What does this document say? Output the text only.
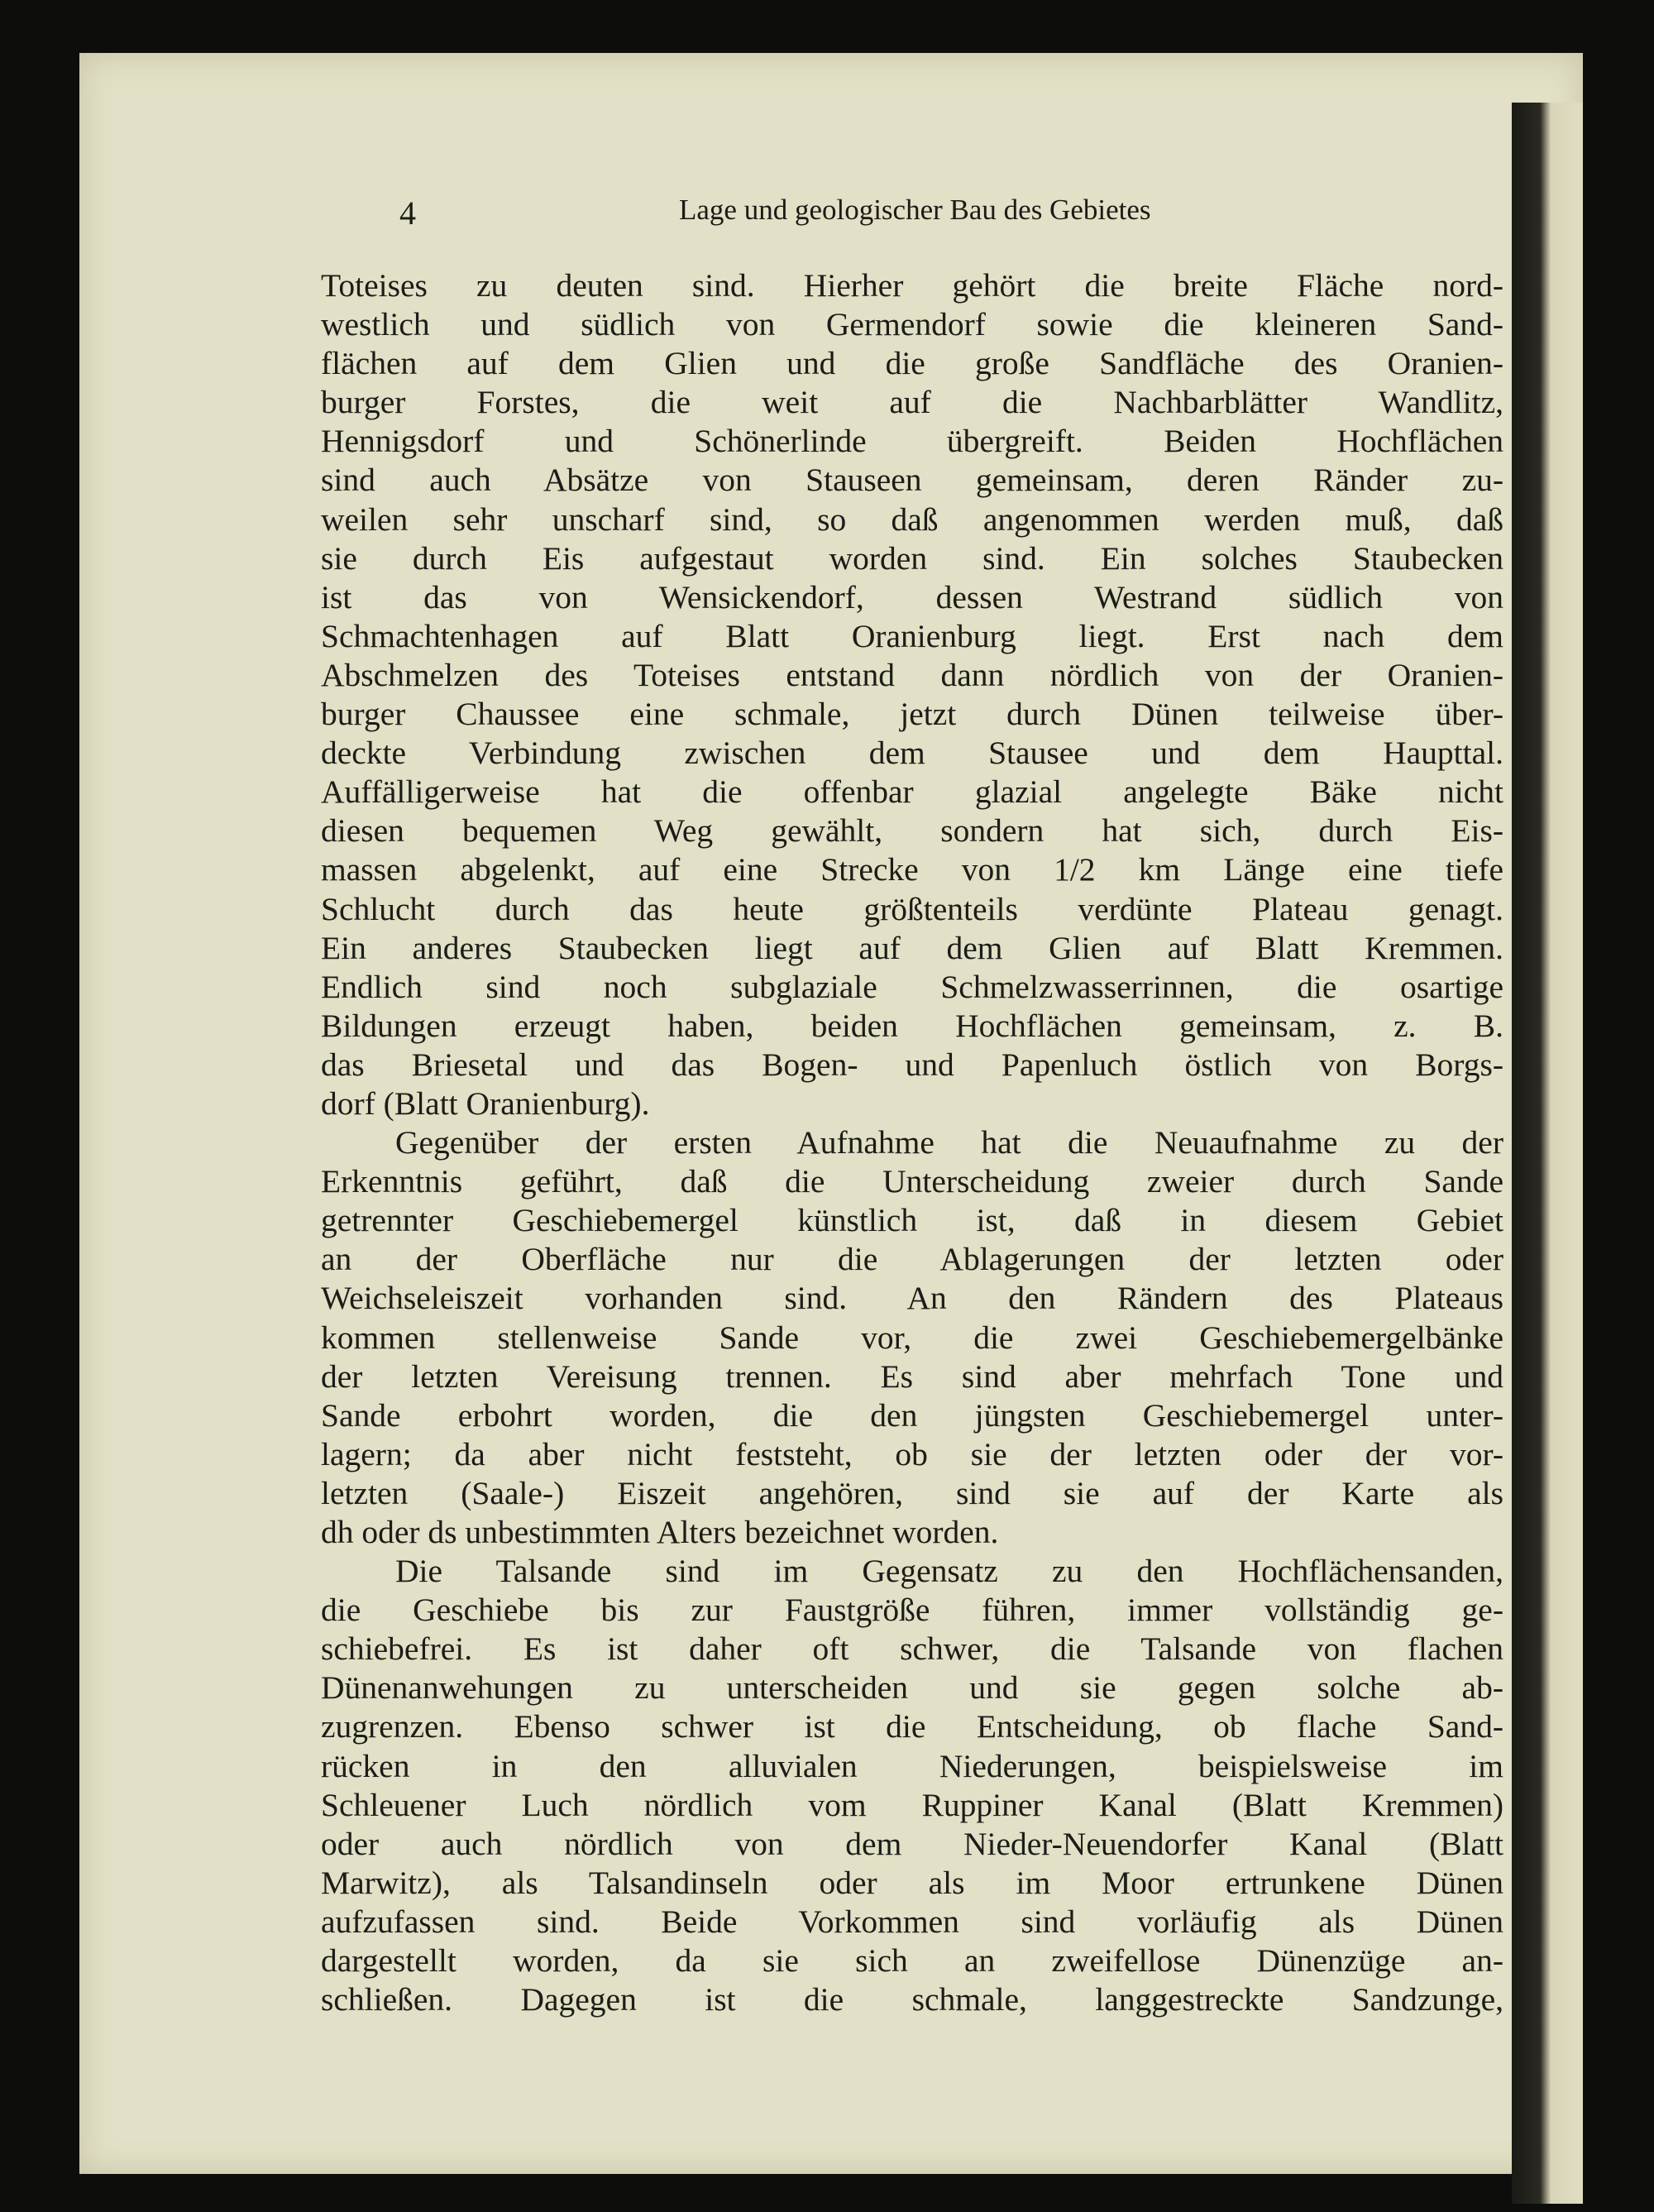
4	Lage und geologischer Bau des Gebietes
Toteises zu deuten sind. Hierher gehört die breite Fläche nord-
westlich und südlich von Germendorf sowie die kleineren Sand-
flächen auf dem Glien und die große Sandfläche des Oranien-
burger Forstes, die weit auf die Nachbarblätter Wandlitz,
Hennigsdorf und Schönerlinde übergreift. Beiden Hochflächen
sind auch Absätze von Stauseen gemeinsam, deren Ränder zu-
weilen sehr unscharf sind, so daß angenommen werden muß, daß
sie durch Eis aufgestaut worden sind. Ein solches Staubecken
ist das von Wensickendorf, dessen Westrand südlich von
Schmachtenhagen auf Blatt Oranienburg liegt. Erst nach dem
Abschmelzen des Toteises entstand dann nördlich von der Oranien-
burger Chaussee eine schmale, jetzt durch Dünen teilweise über-
deckte Verbindung zwischen dem Stausee und dem Haupttal.
Auffälligerweise hat die offenbar glazial angelegte Bäke nicht
diesen bequemen Weg gewählt, sondern hat sich, durch Eis-
massen abgelenkt, auf eine Strecke von 1/2 km Länge eine tiefe
Schlucht durch das heute größtenteils verdünte Plateau genagt.
Ein anderes Staubecken liegt auf dem Glien auf Blatt Kremmen.
Endlich sind noch subglaziale Schmelzwasserrinnen, die osartige
Bildungen erzeugt haben, beiden Hochflächen gemeinsam, z. B.
das Briesetal und das Bogen- und Papenluch östlich von Borgs-
dorf (Blatt Oranienburg).
Gegenüber der ersten Aufnahme hat die Neuaufnahme zu der
Erkenntnis geführt, daß die Unterscheidung zweier durch Sande
getrennter Geschiebemergel künstlich ist, daß in diesem Gebiet
an der Oberfläche nur die Ablagerungen der letzten oder
Weichseleiszeit vorhanden sind. An den Rändern des Plateaus
kommen stellenweise Sande vor, die zwei Geschiebemergelbänke
der letzten Vereisung trennen. Es sind aber mehrfach Tone und
Sande erbohrt worden, die den jüngsten Geschiebemergel unter-
lagern; da aber nicht feststeht, ob sie der letzten oder der vor-
letzten (Saale-) Eiszeit angehören, sind sie auf der Karte als
dh oder ds unbestimmten Alters bezeichnet worden.
Die Talsande sind im Gegensatz zu den Hochflächensanden,
die Geschiebe bis zur Faustgröße führen, immer vollständig ge-
schiebefrei. Es ist daher oft schwer, die Talsande von flachen
Dünenanwehungen zu unterscheiden und sie gegen solche ab-
zugrenzen. Ebenso schwer ist die Entscheidung, ob flache Sand-
rücken in den alluvialen Niederungen, beispielsweise im
Schleuener Luch nördlich vom Ruppiner Kanal (Blatt Kremmen)
oder auch nördlich von dem Nieder-Neuendorfer Kanal (Blatt
Marwitz), als Talsandinseln oder als im Moor ertrunkene Dünen
aufzufassen sind. Beide Vorkommen sind vorläufig als Dünen
dargestellt worden, da sie sich an zweifellose Dünenzüge an-
schließen. Dagegen ist die schmale, langgestreckte Sandzunge,
